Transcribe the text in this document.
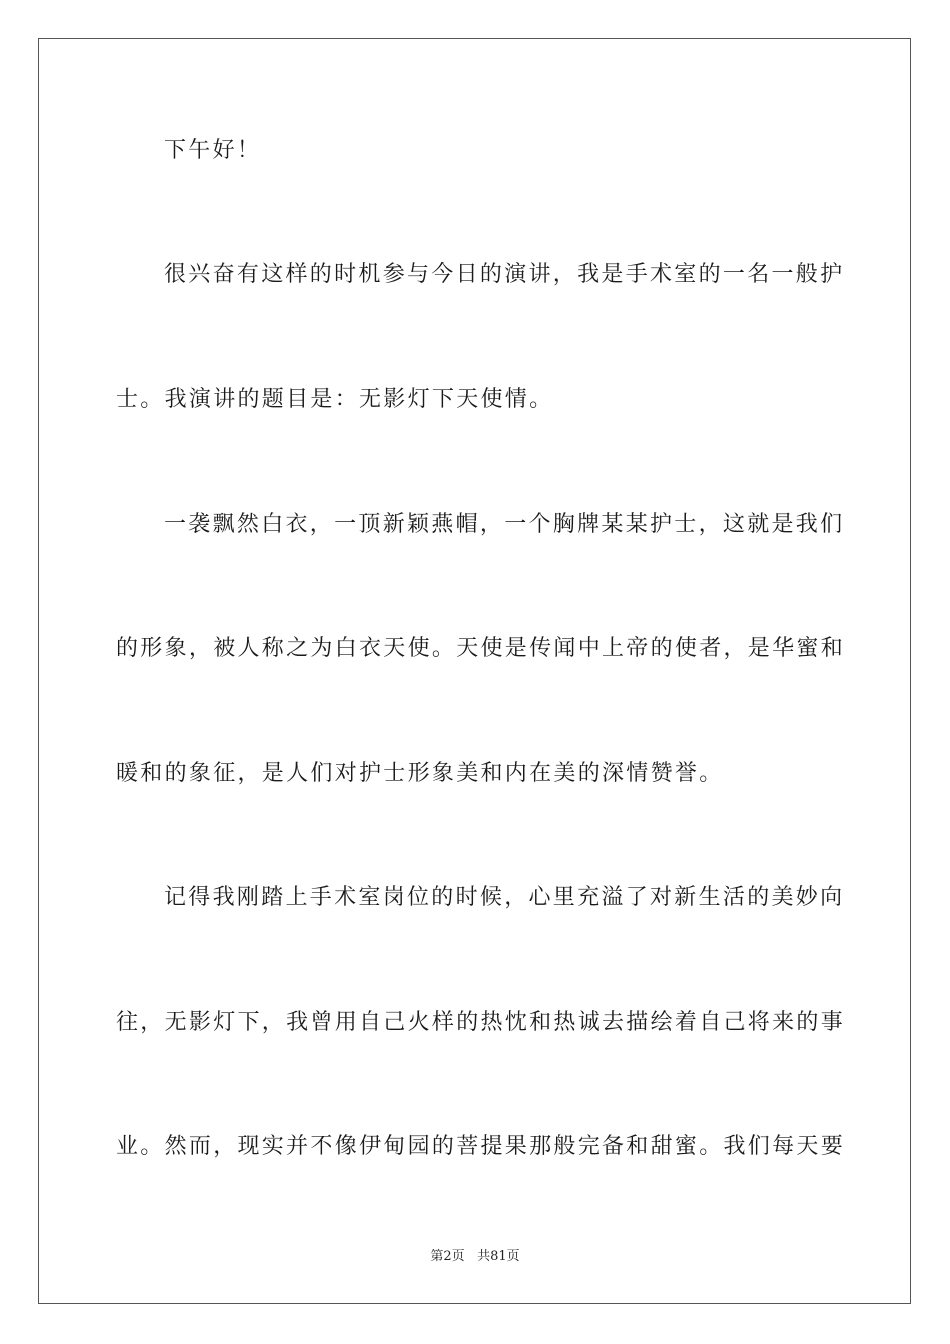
下午好！
很兴奋有这样的时机参与今日的演讲，我是手术室的一名一般护
士。我演讲的题目是：无影灯下天使情。
一袭飘然白衣，一顶新颖燕帽，一个胸牌某某护士，这就是我们
的形象，被人称之为白衣天使。天使是传闻中上帝的使者，是华蜜和
暖和的象征，是人们对护士形象美和内在美的深情赞誉。
记得我刚踏上手术室岗位的时候，心里充溢了对新生活的美妙向
往，无影灯下，我曾用自己火样的热忱和热诚去描绘着自己将来的事
业。然而，现实并不像伊甸园的菩提果那般完备和甜蜜。我们每天要
第2页 共81页
